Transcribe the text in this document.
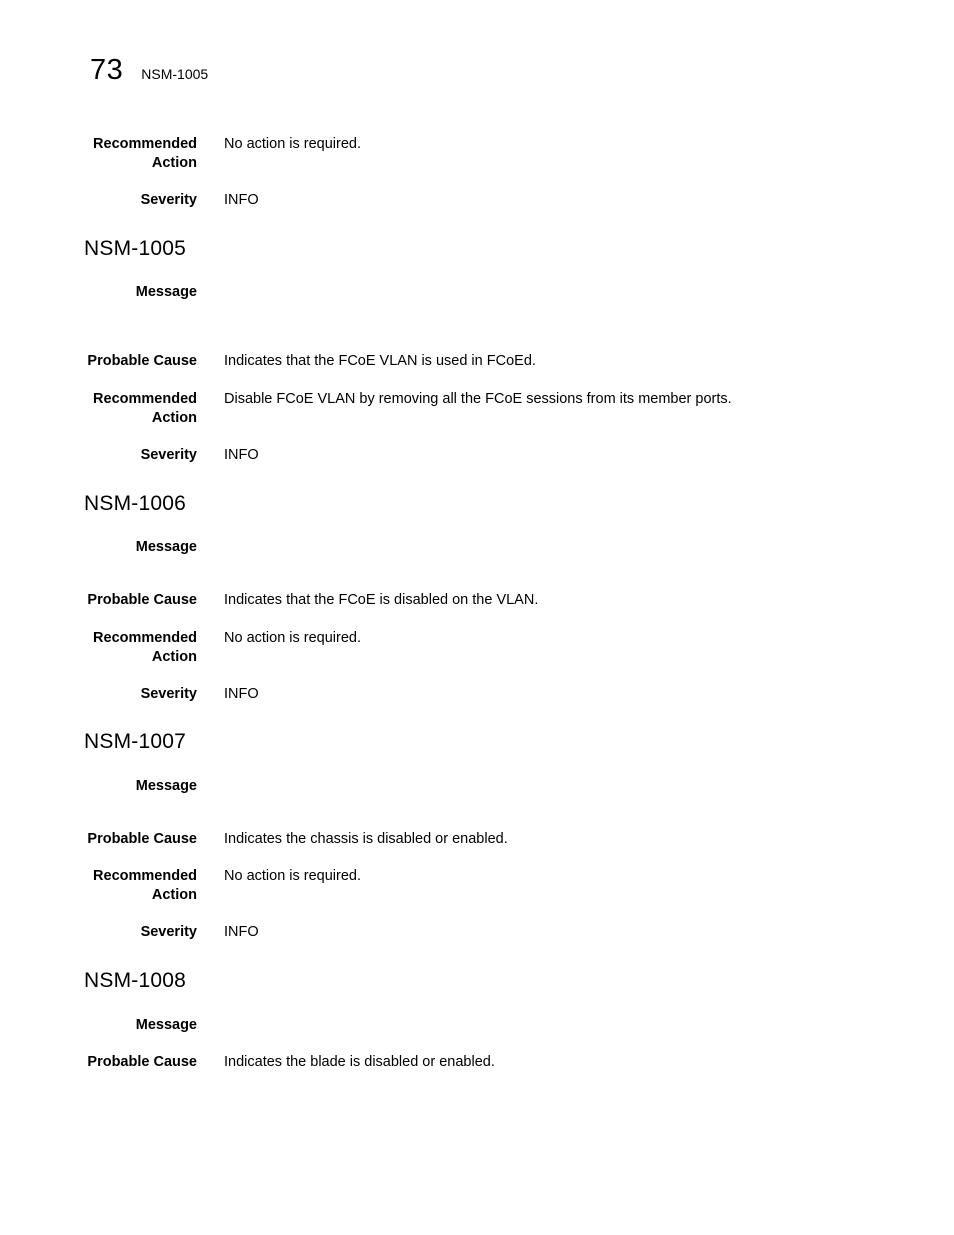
73 NSM-1005
Recommended
Action
No action is required.
Severity INFO
NSM-1005
Message
Probable Cause Indicates that the FCoE VLAN is used in FCoEd.
Recommended
Action
Disable FCoE VLAN by removing all the FCoE sessions from its member ports.
Severity INFO
NSM-1006
Message
Probable Cause Indicates that the FCoE is disabled on the VLAN.
Recommended
Action
No action is required.
Severity INFO
NSM-1007
Message
Probable Cause Indicates the chassis is disabled or enabled.
Recommended
Action
No action is required.
Severity INFO
NSM-1008
Message
Probable Cause Indicates the blade is disabled or enabled.
